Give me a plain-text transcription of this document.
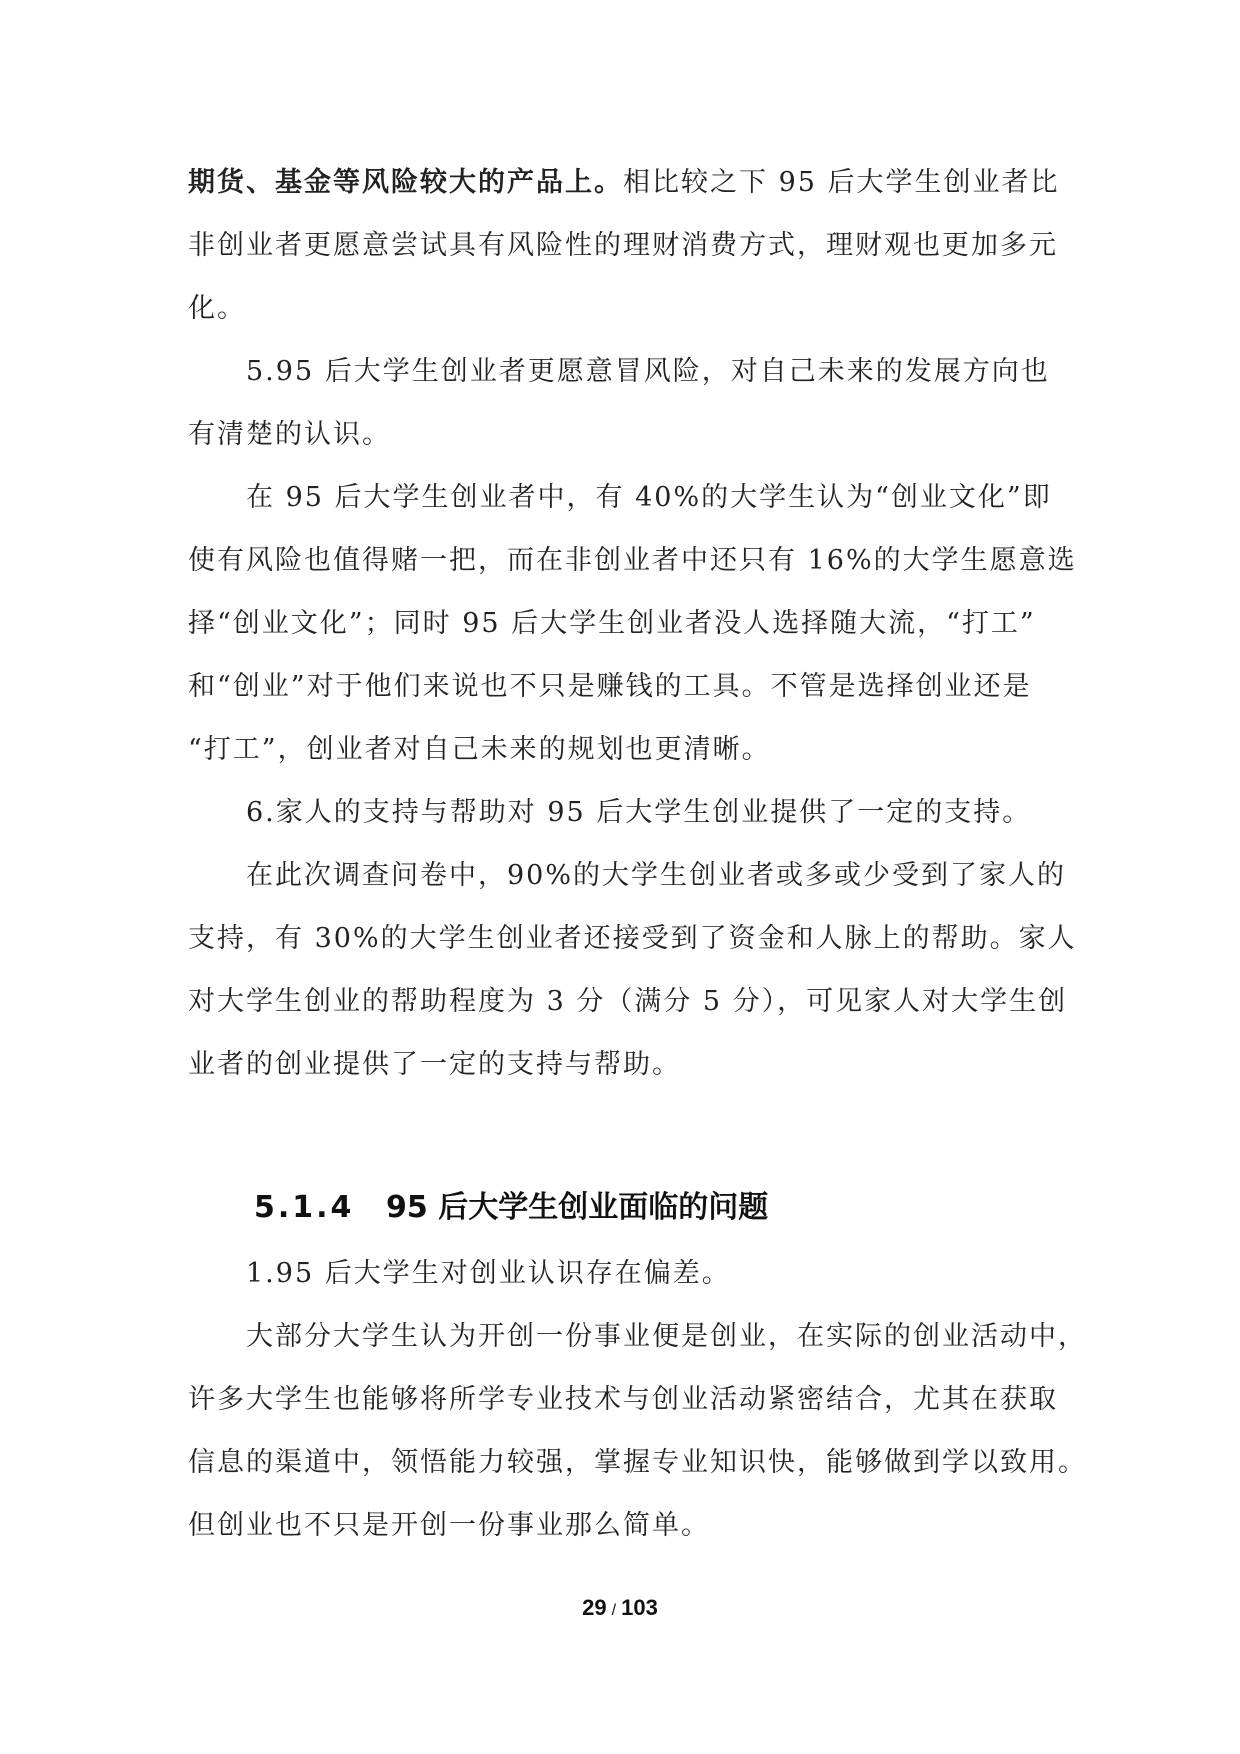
期货、基金等风险较大的产品上。相比较之下 95 后大学生创业者比
非创业者更愿意尝试具有风险性的理财消费方式，理财观也更加多元
化。
5.95 后大学生创业者更愿意冒风险，对自己未来的发展方向也
有清楚的认识。
在 95 后大学生创业者中，有 40%的大学生认为“创业文化”即
使有风险也值得赌一把，而在非创业者中还只有 16%的大学生愿意选
择“创业文化”；同时 95 后大学生创业者没人选择随大流，“打工”
和“创业”对于他们来说也不只是赚钱的工具。不管是选择创业还是
“打工”，创业者对自己未来的规划也更清晰。
6.家人的支持与帮助对 95 后大学生创业提供了一定的支持。
在此次调查问卷中，90%的大学生创业者或多或少受到了家人的
支持，有 30%的大学生创业者还接受到了资金和人脉上的帮助。家人
对大学生创业的帮助程度为 3 分（满分 5 分），可见家人对大学生创
业者的创业提供了一定的支持与帮助。
5.1.4 95 后大学生创业面临的问题
1.95 后大学生对创业认识存在偏差。
大部分大学生认为开创一份事业便是创业，在实际的创业活动中，
许多大学生也能够将所学专业技术与创业活动紧密结合，尤其在获取
信息的渠道中，领悟能力较强，掌握专业知识快，能够做到学以致用。
但创业也不只是开创一份事业那么简单。
29 / 103
